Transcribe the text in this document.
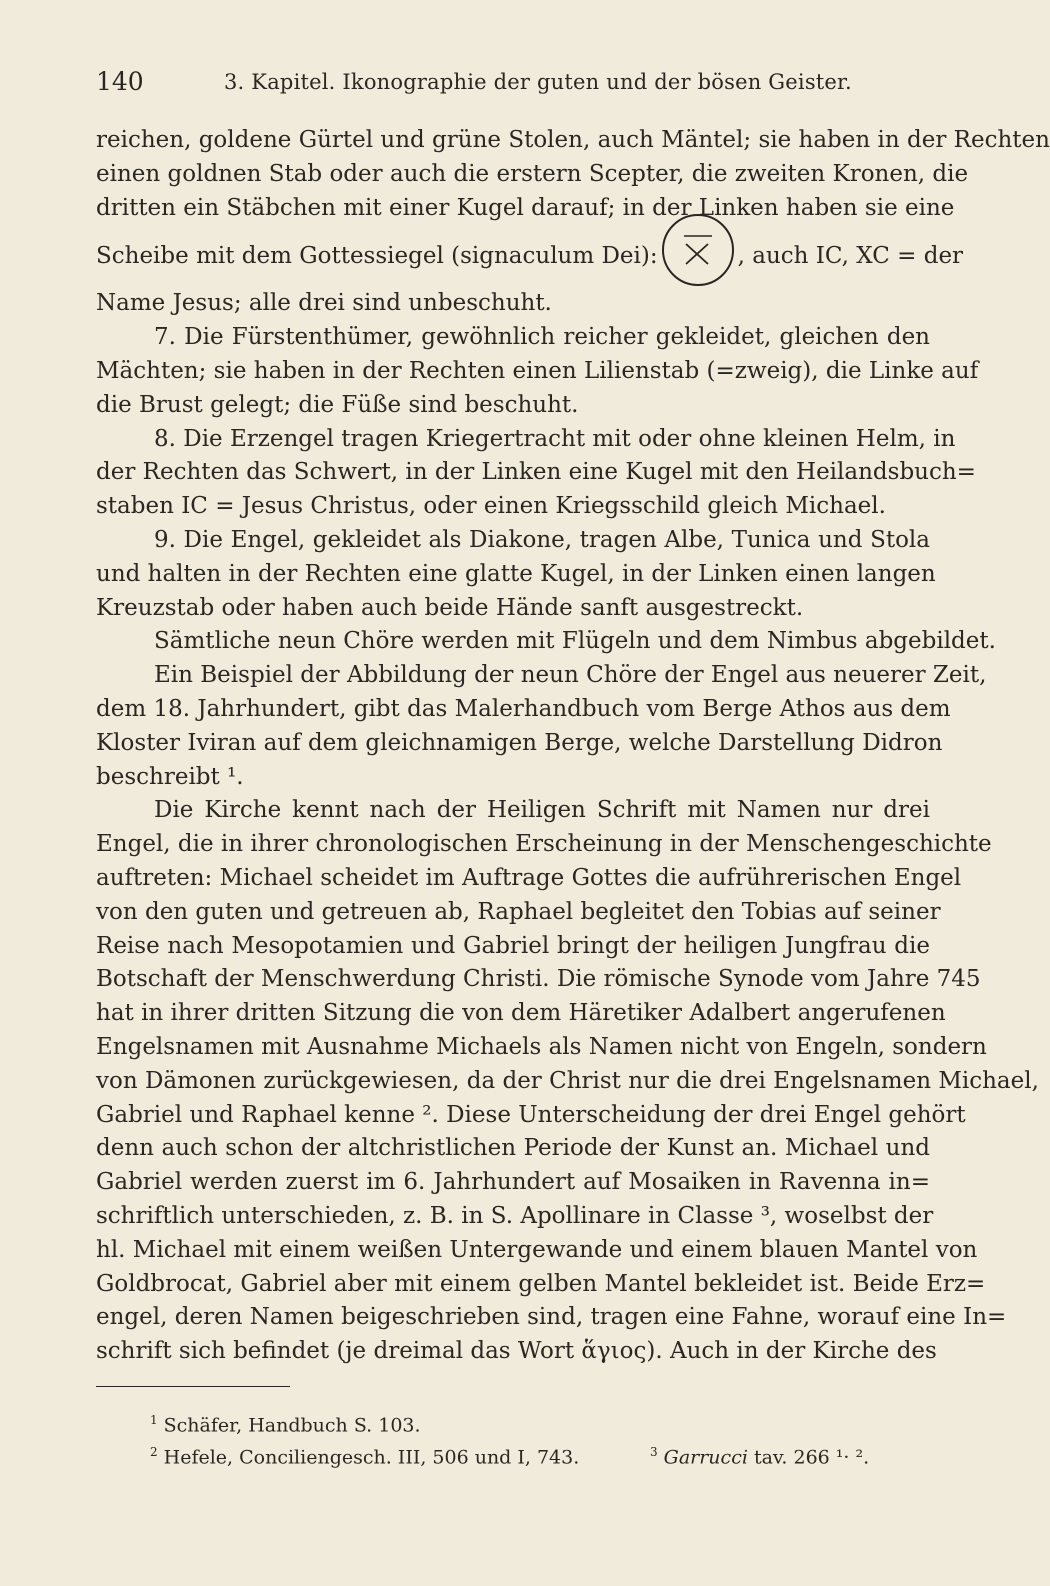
140	3. Kapitel. Ikonographie der guten und der bösen Geister.
reichen, goldene Gürtel und grüne Stolen, auch Mäntel; sie haben in der Rechten
einen goldnen Stab oder auch die erstern Scepter, die zweiten Kronen, die
dritten ein Stäbchen mit einer Kugel darauf; in der Linken haben sie eine
Scheibe mit dem Gottessiegel (signaculum Dei):	, auch IC, XC = der
Name Jesus; alle drei sind unbeschuht.
7. Die Fürstenthümer, gewöhnlich reicher gekleidet, gleichen den
Mächten; sie haben in der Rechten einen Lilienstab (=zweig), die Linke auf
die Brust gelegt; die Füße sind beschuht.
8. Die Erzengel tragen Kriegertracht mit oder ohne kleinen Helm, in
der Rechten das Schwert, in der Linken eine Kugel mit den Heilandsbuch=
staben IC = Jesus Christus, oder einen Kriegsschild gleich Michael.
9. Die Engel, gekleidet als Diakone, tragen Albe, Tunica und Stola
und halten in der Rechten eine glatte Kugel, in der Linken einen langen
Kreuzstab oder haben auch beide Hände sanft ausgestreckt.
Sämtliche neun Chöre werden mit Flügeln und dem Nimbus abgebildet.
Ein Beispiel der Abbildung der neun Chöre der Engel aus neuerer Zeit,
dem 18. Jahrhundert, gibt das Malerhandbuch vom Berge Athos aus dem
Kloster Iviran auf dem gleichnamigen Berge, welche Darstellung Didron
beschreibt ¹.
Die Kirche kennt nach der Heiligen Schrift mit Namen nur drei
Engel, die in ihrer chronologischen Erscheinung in der Menschengeschichte
auftreten: Michael scheidet im Auftrage Gottes die aufrührerischen Engel
von den guten und getreuen ab, Raphael begleitet den Tobias auf seiner
Reise nach Mesopotamien und Gabriel bringt der heiligen Jungfrau die
Botschaft der Menschwerdung Christi. Die römische Synode vom Jahre 745
hat in ihrer dritten Sitzung die von dem Häretiker Adalbert angerufenen
Engelsnamen mit Ausnahme Michaels als Namen nicht von Engeln, sondern
von Dämonen zurückgewiesen, da der Christ nur die drei Engelsnamen Michael,
Gabriel und Raphael kenne ². Diese Unterscheidung der drei Engel gehört
denn auch schon der altchristlichen Periode der Kunst an. Michael und
Gabriel werden zuerst im 6. Jahrhundert auf Mosaiken in Ravenna in=
schriftlich unterschieden, z. B. in S. Apollinare in Classe ³, woselbst der
hl. Michael mit einem weißen Untergewande und einem blauen Mantel von
Goldbrocat, Gabriel aber mit einem gelben Mantel bekleidet ist. Beide Erz=
engel, deren Namen beigeschrieben sind, tragen eine Fahne, worauf eine In=
schrift sich befindet (je dreimal das Wort ἅγιος). Auch in der Kirche des
$^1$ Schäfer, Handbuch S. 103.
$^2$ Hefele, Conciliengesch. III, 506 und I, 743.	$^3$ Garrucci tav. 266 ¹· ².
